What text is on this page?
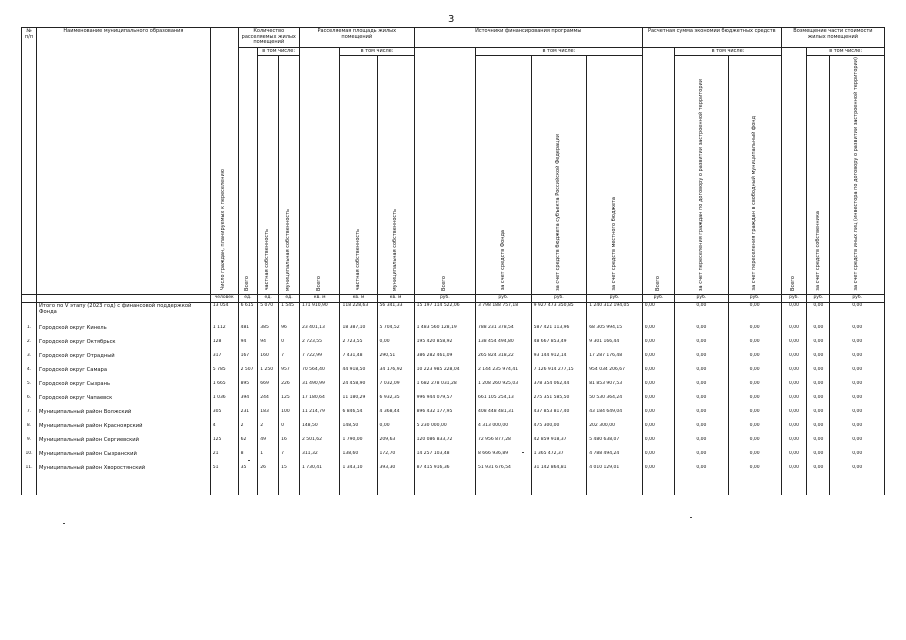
3
№ п/п	Наименование муниципального образования	Число граждан, планируемых к переселению	Количество расселяемых жилых помещений			Расселяемая площадь жилых помещений			Источники финансирования программы				Расчетная сумма экономии бюджетных средств			Возмещение части стоимости жилых помещений		
			Всего	в том числе:		Всего	в том числе:		Всего	в том числе:			Всего	в том числе:		Всего	в том числе:	
				частная собственность	муниципальная собственность		частная собственность	муниципальная собственность		за счет средств Фонда	за счет средств бюджета субъекта Российской Федерации	за счет средств местного бюджета		за счет переселения граждан по договору о развитии застроенной территории	за счет переселения граждан в свободный муниципальный фонд		за счет средств собственника	за счет средств иных лиц (инвестора по договору о развитии застроенной территории)
		человек	ед.	ед.	ед.	кв. м	кв. м	кв. м	руб.	руб.	руб.	руб.	руб.	руб.	руб.	руб.	руб.	руб.
	Итого по V этапу (2023 год) с финансовой поддержкой Фонда	13 054	6 615	5 070	1 545	171 910,90	118 228,63	56 341,33	15 197 114 522,06	3 798 188 757,18	9 927 473 350,85	1 240 312 194,05	0,00	0,00	0,00	0,00	0,00	0,00
1.	Городской округ Кинель	1 112	481	385	96	23 401,13	18 387,10	5 704,52	1 483 560 128,19	788 231 378,54	587 421 113,96	68 305 994,15	0,00	0,00	0,00	0,00	0,00	0,00
2.	Городской округ Октябрьск	128	94	94	0	2 723,55	2 723,55	0,00	195 420 858,92	138 454 494,80	48 667 853,49	9 301 166,44	0,00	0,00	0,00	0,00	0,00	0,00
3.	Городской округ Отрадный	317	167	160	7	7 722,99	7 431,48	290,51	386 282 461,09	265 824 318,22	93 144 912,14	17 287 176,48	0,00	0,00	0,00	0,00	0,00	0,00
4.	Городской округ Самара	5 785	2 507	1 250	957	70 564,40	44 918,50	34 176,92	10 223 985 228,04	2 144 235 974,41	7 126 914 277,15	954 034 206,67	0,00	0,00	0,00	0,00	0,00	0,00
5.	Городской округ Сызрань	1 665	895	669	226	31 490,99	24 458,90	7 032,09	1 682 278 031,28	1 208 260 925,03	378 354 062,44	81 853 907,53	0,00	0,00	0,00	0,00	0,00	0,00
6.	Городской округ Чапаевск	1 036	394	244	125	17 180,64	11 180,29	6 932,35	996 944 079,57	661 105 254,13	275 351 585,50	50 530 364,24	0,00	0,00	0,00	0,00	0,00	0,00
7.	Муниципальный район Волжский	305	231	183	100	11 214,79	6 846,54	4 368,44	896 432 177,95	408 448 481,31	437 853 817,40	43 184 649,04	0,00	0,00	0,00	0,00	0,00	0,00
8.	Муниципальный район Красноярский	4	2	2	0	148,50	148,50	0,00	5 230 000,00	4 313 000,00	475 300,00	202 300,00	0,00	0,00	0,00	0,00	0,00	0,00
9.	Муниципальный район Сергиевский	125	62	49	16	2 501,62	1 790,00	209,63	120 086 833,72	72 956 877,28	42 859 918,37	5 480 638,07	0,00	0,00	0,00	0,00	0,00	0,00
10.	Муниципальный район Сызранский	21	8	1	7	311,32	138,60	172,70	14 257 103,48	8 666 936,89	1 365 472,37	4 788 494,24	0,00	0,00	0,00	0,00	0,00	0,00
11.	Муниципальный район Хворостянский	51	35	26	15	1 730,41	1 343,10	393,30	87 415 916,36	51 931 676,54	31 142 864,81	4 010 129,01	0,00	0,00	0,00	0,00	0,00	0,00
